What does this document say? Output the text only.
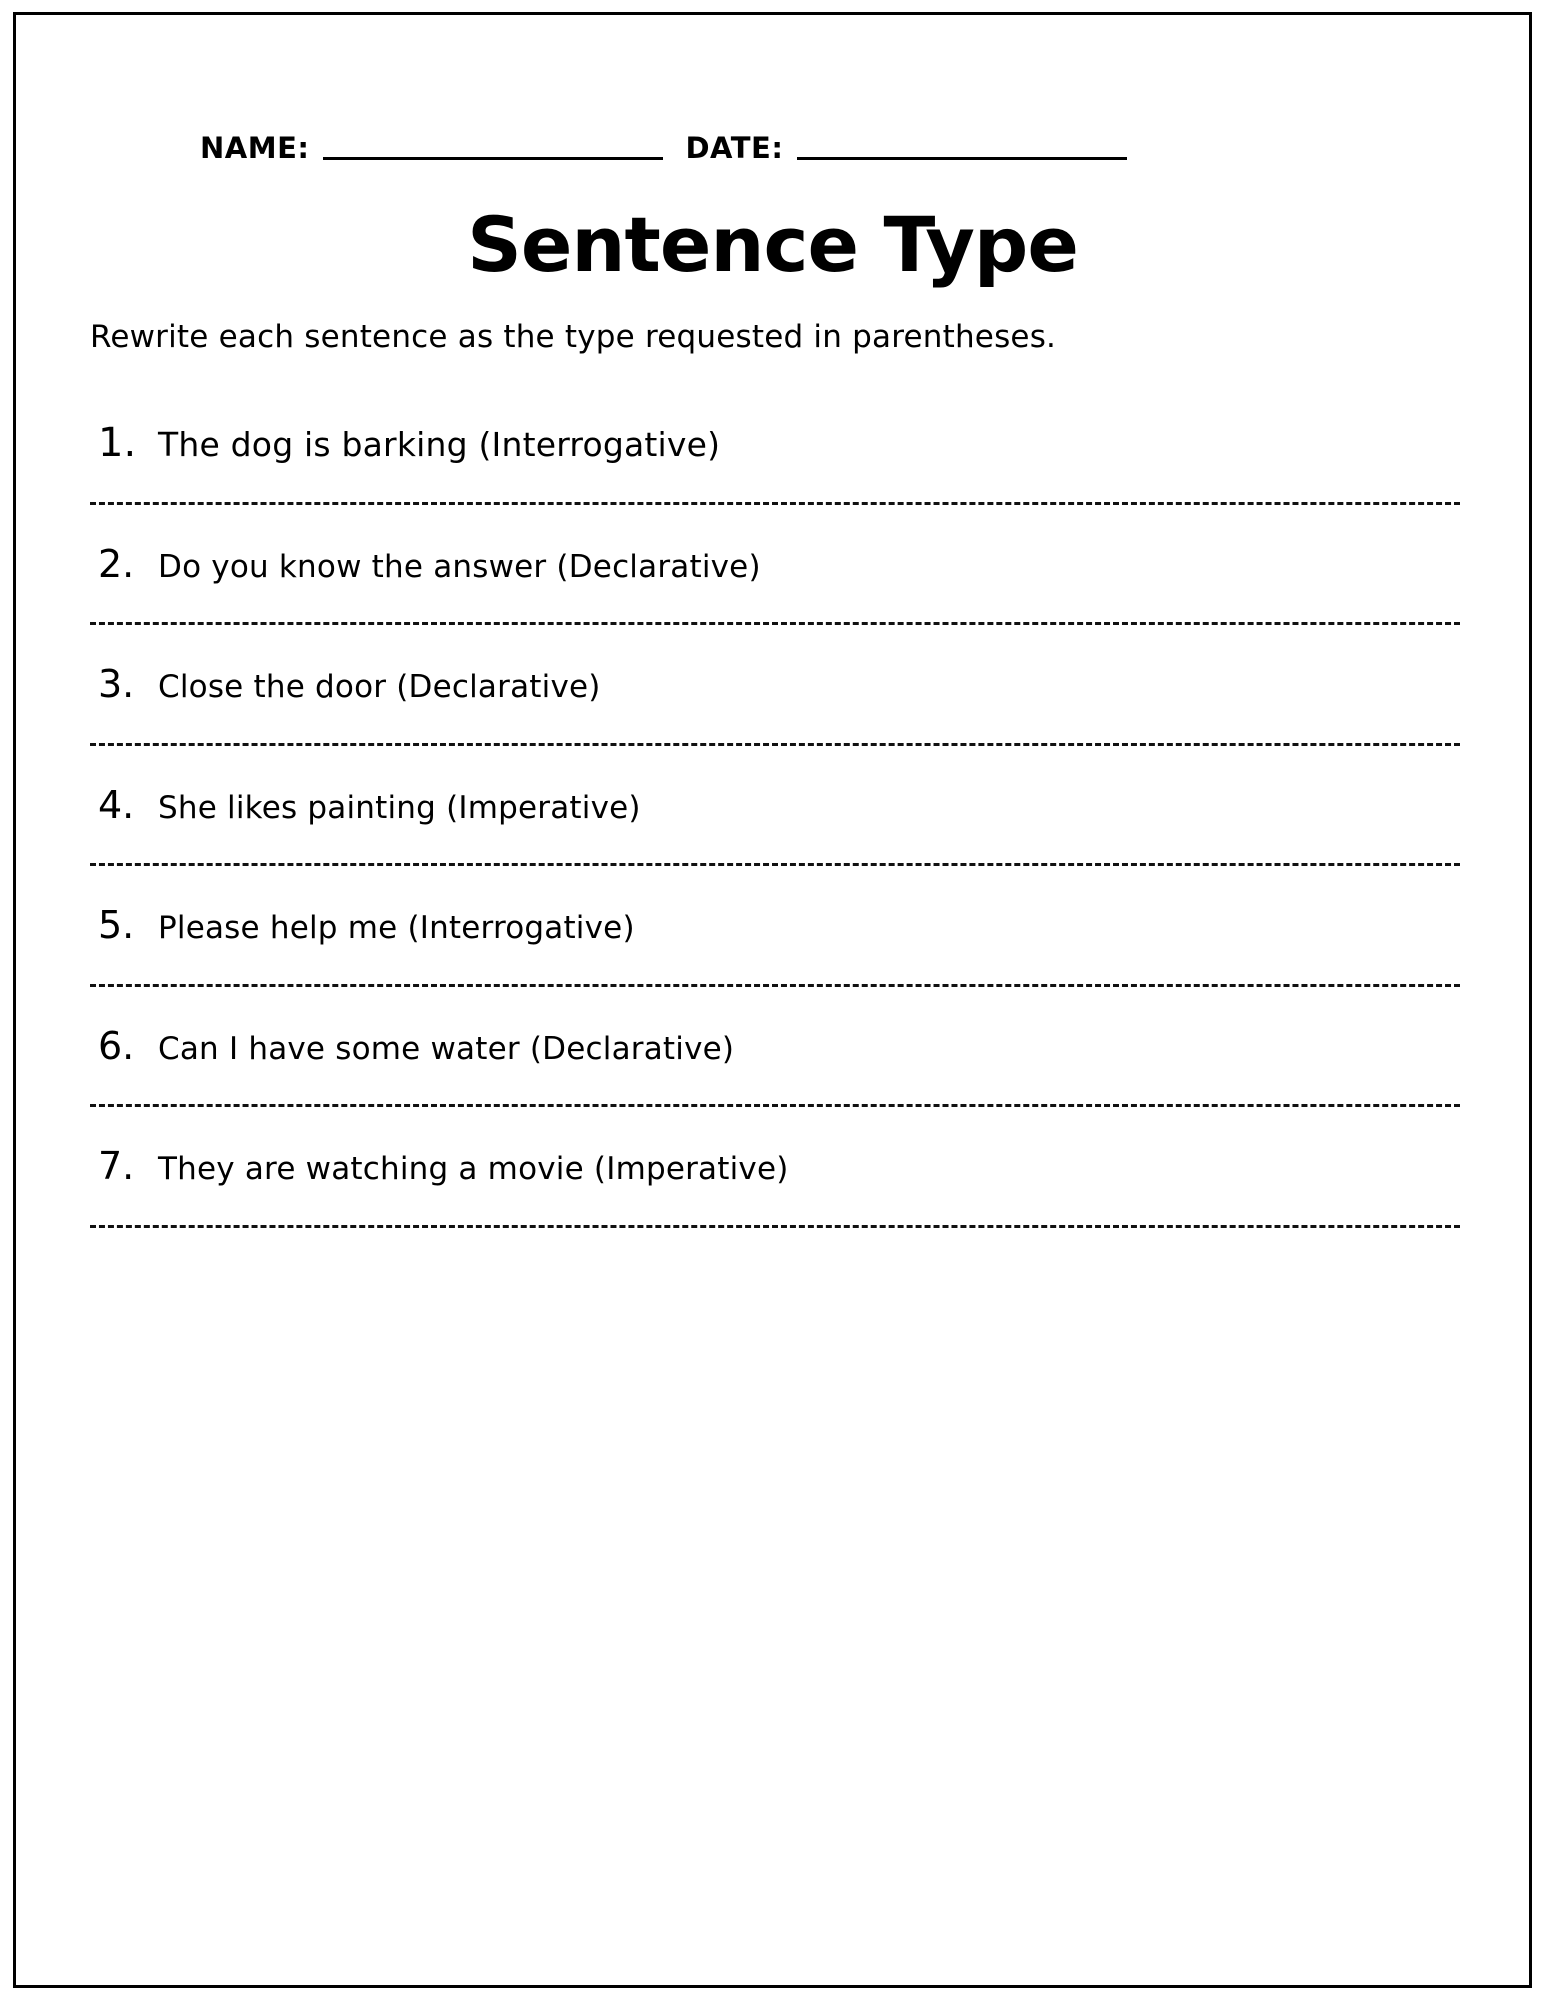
NAME:	DATE:
Sentence Type
Rewrite each sentence as the type requested in parentheses.
1. The dog is barking (Interrogative)
2. Do you know the answer (Declarative)
3. Close the door (Declarative)
4. She likes painting (Imperative)
5. Please help me (Interrogative)
6. Can I have some water (Declarative)
7. They are watching a movie (Imperative)
